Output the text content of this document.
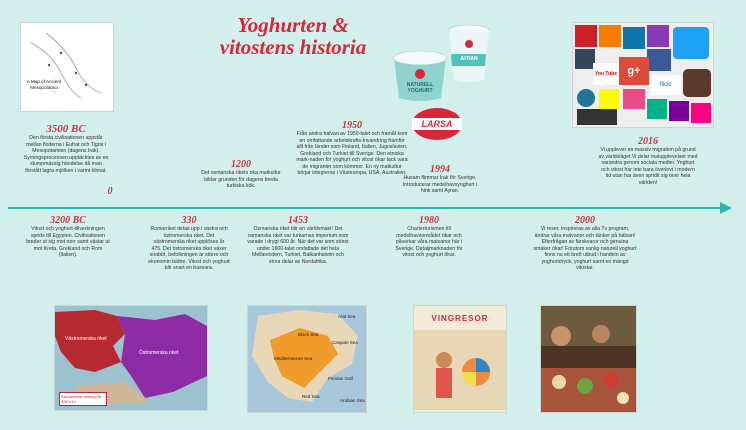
Yoghurten &
vitostens historia
A Map of Ancient Mesopotamia	NATURELL YOGHURT
AYRAN
LARSA
You Tube g+
flickr
3500 BC
Den första civilisationen uppstår mellan floderna i Eufrat och Tigris i Mesopotamien (dagens Irak). Syrningsprocessen upptäcktes av en slumpmässig händelse då man förstått lagra mjölken i varmt klimat.
0
1200
Det osmanska rikets rika matkultur bildar grunden för dagens breda turkiska kök.
1950
Från andra halvan av 1950-talet och framåt kom en omfattande arbetskrafts-invandring framför allt från länder som Finland, Italien, Jugoslavien, Grekland och Turkiet till Sverige. Den etniska mark-naden för yoghurt och vitost ökar tack vara de migranter som kommer. En ny matkultur börjar integreras i Västeuropa, USA, Australien.	1994
Husam flimmar Irak för Sverige. Introducerar medelhavsyoghurt i hink samt Ayran.
2016
Vi upplever en massiv migration på grund av världsläget.Vi delar matupplevelser med varandra genom sociala medier. Yoghurt och vitost har inte bara överlevt i modern tid utan har även spridit sig över hela världen!
3200 BC
Vitost och yoghurt-tillverkningen sprids till Egypten. Civilisationen breder ut sig mot norr samt västar ut mot Kreta, Grekland och Rom (Italien).
330
Romarriket delas upp i västra och östromerska riket. Det västromerska riket upplöses år 475. Det östromerska riket växer snabbt, befolkningen är större och ekonomin bättre. Vitost och yoghurt blir snart en basvara.
1453
Osmanska riket blir en världsmakt! Det osmanska riket var turkarnas imperium som varade i drygt 600 år. När det var som störst under 1600-talet omfattade det hela Mellanöstern, Turkiet, Balkanhalvön och stora delar av Nordafrika.
1980
Charterturismen till medelhavsområdet ökar och påverkar våra matvanor här i Sverige. Detaljmarknaden för vitost och yoghurt ökar.
2000
Vi reser, inspireras av alla Tv program, ändrar våra matvanor och tänker på hälsan! Efterfrågan av färskvaror och genuina smaker ökar! Förutom vanlig naturell yoghurt finns nu ett brett utbud i handeln av yoghurtdryck, yoghurt samt en mängd vitostar.
Västromerska riket
Östromerska riket
Romarrikets delning år 395 e.Kr
Aral Sea
Black Sea
Mediterranean Sea
Caspian Sea
Persian Gulf
Red Sea
Arabian Sea
VINGRESOR
